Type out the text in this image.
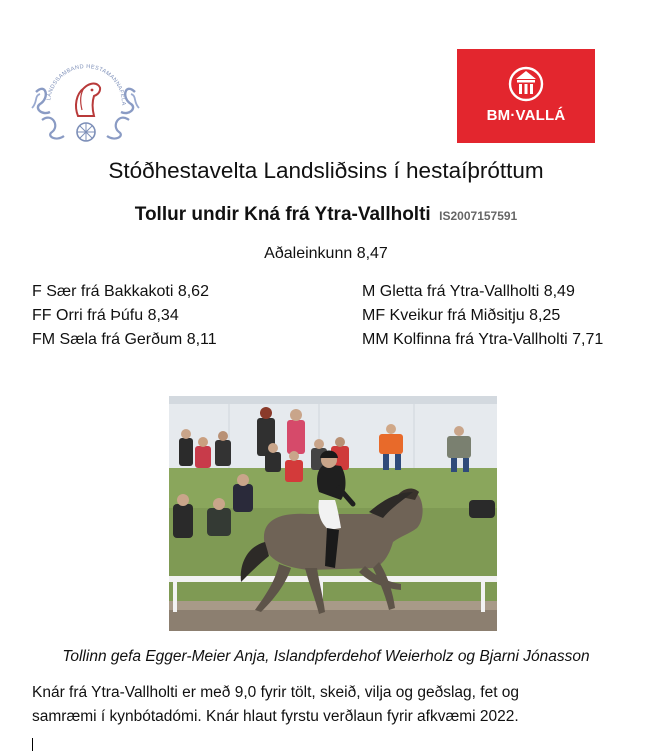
LANDSSAMBAND HESTAMANNAFÉLA
BM·VALLÁ
Stóðhestavelta Landsliðsins í hestaíþróttum
Tollur undir Kná frá Ytra-Vallholti IS2007157591
Aðaleinkunn 8,47
F Sær frá Bakkakoti 8,62
FF Orri frá Þúfu 8,34
FM Sæla frá Gerðum 8,11
M Gletta frá Ytra-Vallholti 8,49
MF Kveikur frá Miðsitju 8,25
MM Kolfinna frá Ytra-Vallholti 7,71
Tollinn gefa Egger-Meier Anja, Islandpferdehof Weierholz og Bjarni Jónasson
Knár frá Ytra-Vallholti er með 9,0 fyrir tölt, skeið, vilja og geðslag, fet og
samræmi í kynbótadómi. Knár hlaut fyrstu verðlaun fyrir afkvæmi 2022.
